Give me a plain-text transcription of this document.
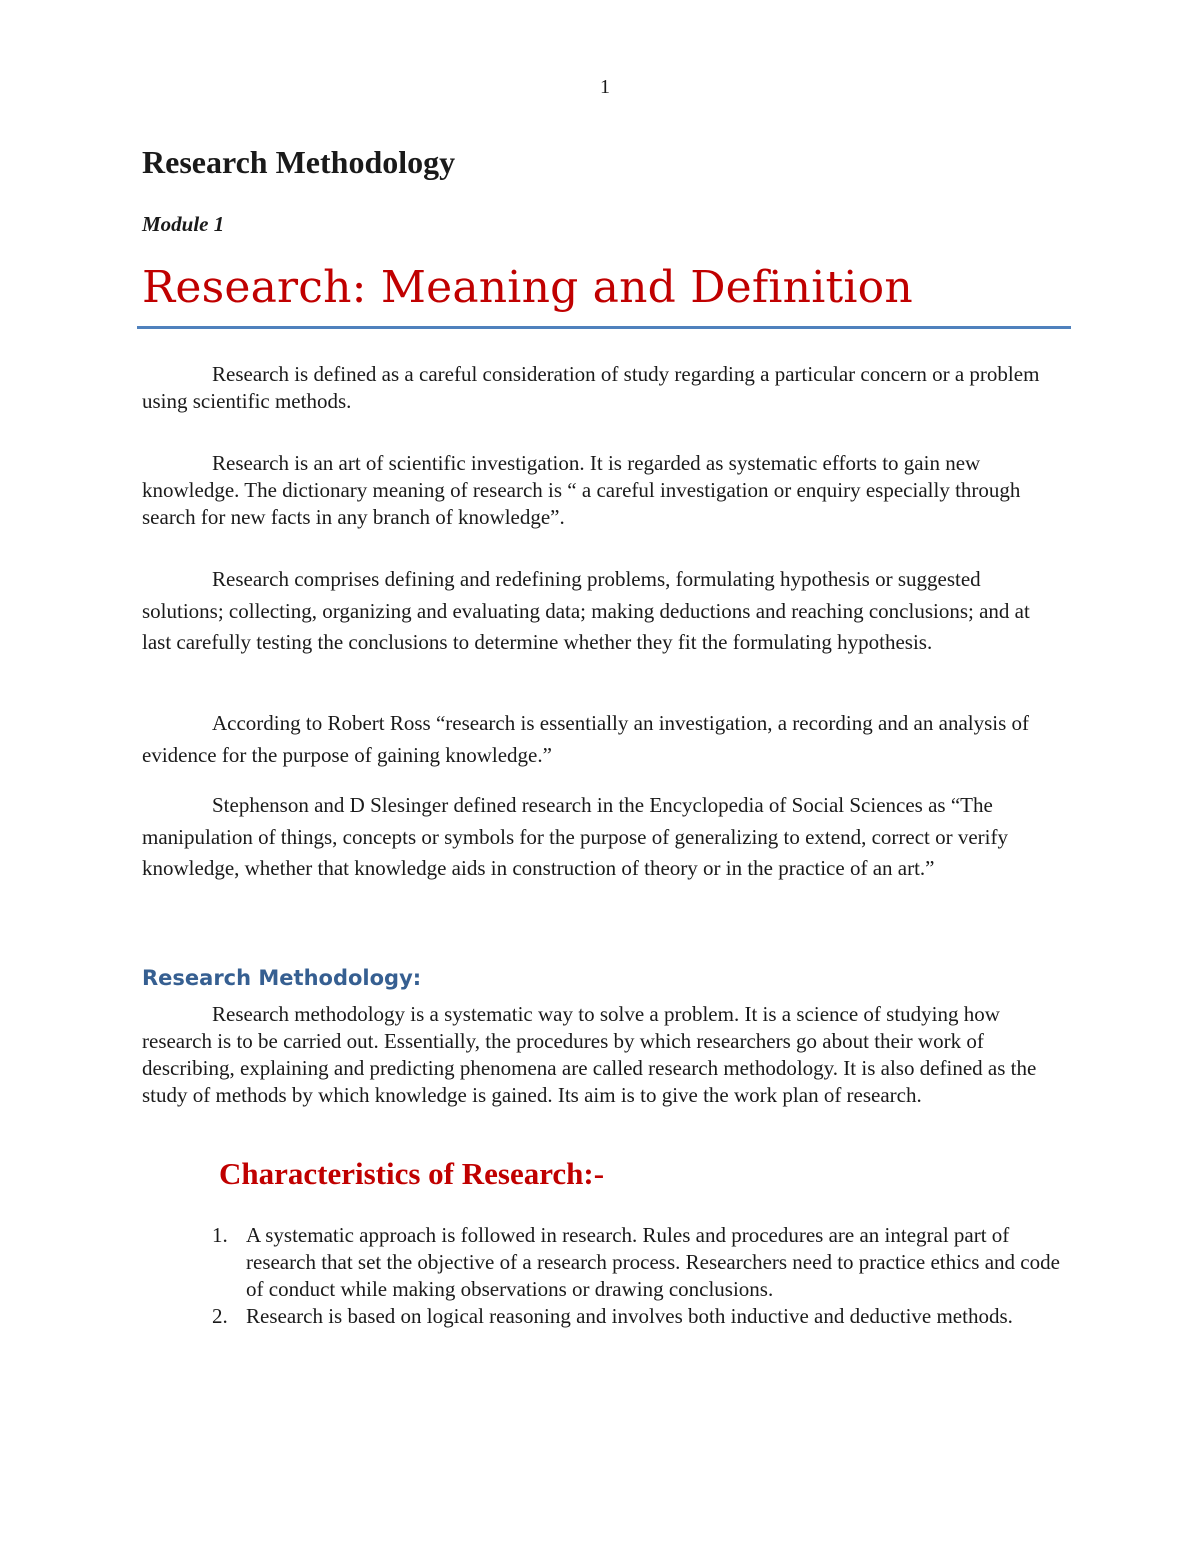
1
Research Methodology
Module 1
Research: Meaning and Definition

Research is defined as a careful consideration of study regarding a particular concern or a problem using scientific methods.

Research is an art of scientific investigation. It is regarded as systematic efforts to gain new knowledge. The dictionary meaning of research is “ a careful investigation or enquiry especially through search for new facts in any branch of knowledge”.

Research comprises defining and redefining problems, formulating hypothesis or suggested solutions; collecting, organizing and evaluating data; making deductions and reaching conclusions; and at last carefully testing the conclusions to determine whether they fit the formulating hypothesis.

According to Robert Ross “research is essentially an investigation, a recording and an analysis of evidence for the purpose of gaining knowledge.”

Stephenson and D Slesinger defined research in the Encyclopedia of Social Sciences as “The manipulation of things, concepts or symbols for the purpose of generalizing to extend, correct or verify knowledge, whether that knowledge aids in construction of theory or in the practice of an art.”

Research Methodology:

Research methodology is a systematic way to solve a problem. It is a science of studying how research is to be carried out. Essentially, the procedures by which researchers go about their work of describing, explaining and predicting phenomena are called research methodology. It is also defined as the study of methods by which knowledge is gained. Its aim is to give the work plan of research.

Characteristics of Research:-
1. A systematic approach is followed in research. Rules and procedures are an integral part of research that set the objective of a research process. Researchers need to practice ethics and code of conduct while making observations or drawing conclusions.
2. Research is based on logical reasoning and involves both inductive and deductive methods.
